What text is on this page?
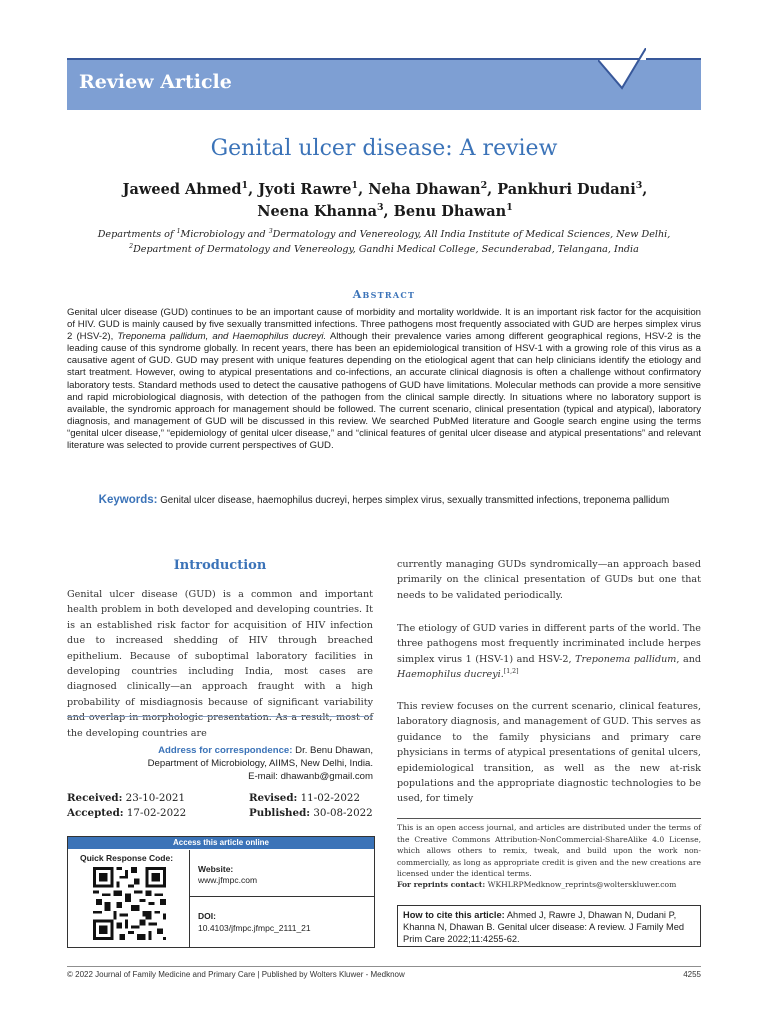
Review Article
Genital ulcer disease: A review
Jaweed Ahmed$^1$, Jyoti Rawre$^1$, Neha Dhawan$^2$, Pankhuri Dudani$^3$,
Neena Khanna$^3$, Benu Dhawan$^1$
Departments of $^1$Microbiology and $^3$Dermatology and Venereology, All India Institute of Medical Sciences, New Delhi,
$^2$Department of Dermatology and Venereology, Gandhi Medical College, Secunderabad, Telangana, India
Abstract
Genital ulcer disease (GUD) continues to be an important cause of morbidity and mortality worldwide. It is an important risk factor for the acquisition of HIV. GUD is mainly caused by five sexually transmitted infections. Three pathogens most frequently associated with GUD are herpes simplex virus 2 (HSV-2), Treponema pallidum, and Haemophilus ducreyi. Although their prevalence varies among different geographical regions, HSV-2 is the leading cause of this syndrome globally. In recent years, there has been an epidemiological transition of HSV-1 with a growing role of this virus as a causative agent of GUD. GUD may present with unique features depending on the etiological agent that can help clinicians identify the etiology and start treatment. However, owing to atypical presentations and co-infections, an accurate clinical diagnosis is often a challenge without confirmatory laboratory tests. Standard methods used to detect the causative pathogens of GUD have limitations. Molecular methods can provide a more sensitive and rapid microbiological diagnosis, with detection of the pathogen from the clinical sample directly. In situations where no laboratory support is available, the syndromic approach for management should be followed. The current scenario, clinical presentation (typical and atypical), laboratory diagnosis, and management of GUD will be discussed in this review. We searched PubMed literature and Google search engine using the terms “genital ulcer disease,” “epidemiology of genital ulcer disease,” and “clinical features of genital ulcer disease and atypical presentations” and relevant literature was selected to provide current perspectives of GUD.
Keywords: Genital ulcer disease, haemophilus ducreyi, herpes simplex virus, sexually transmitted infections, treponema pallidum
Introduction

Genital ulcer disease (GUD) is a common and important health problem in both developed and developing countries. It is an established risk factor for acquisition of HIV infection due to increased shedding of HIV through breached epithelium. Because of suboptimal laboratory facilities in developing countries including India, most cases are diagnosed clinically—an approach fraught with a high probability of misdiagnosis because of significant variability and overlap in morphologic presentation. As a result, most of the developing countries are

currently managing GUDs syndromically—an approach based primarily on the clinical presentation of GUDs but one that needs to be validated periodically.

The etiology of GUD varies in different parts of the world. The three pathogens most frequently incriminated include herpes simplex virus 1 (HSV-1) and HSV-2, Treponema pallidum, and Haemophilus ducreyi.[1,2]

This review focuses on the current scenario, clinical features, laboratory diagnosis, and management of GUD. This serves as guidance to the family physicians and primary care physicians in terms of atypical presentations of genital ulcers, epidemiological transition, as well as the new at-risk populations and the appropriate diagnostic technologies to be used, for timely

Address for correspondence: Dr. Benu Dhawan,
Department of Microbiology, AIIMS, New Delhi, India.
E-mail: dhawanb@gmail.com
Received: 23-10-2021	Revised: 11-02-2022
Accepted: 17-02-2022	Published: 30-08-2022
Access this article online
Quick Response Code:
Website:
www.jfmpc.com
DOI:
10.4103/jfmpc.jfmpc_2111_21
This is an open access journal, and articles are distributed under the terms of the Creative Commons Attribution-NonCommercial-ShareAlike 4.0 License, which allows others to remix, tweak, and build upon the work non-commercially, as long as appropriate credit is given and the new creations are licensed under the identical terms.
For reprints contact: WKHLRPMedknow_reprints@wolterskluwer.com
How to cite this article: Ahmed J, Rawre J, Dhawan N, Dudani P, Khanna N, Dhawan B. Genital ulcer disease: A review. J Family Med Prim Care 2022;11:4255-62.
© 2022 Journal of Family Medicine and Primary Care | Published by Wolters Kluwer - Medknow	4255
